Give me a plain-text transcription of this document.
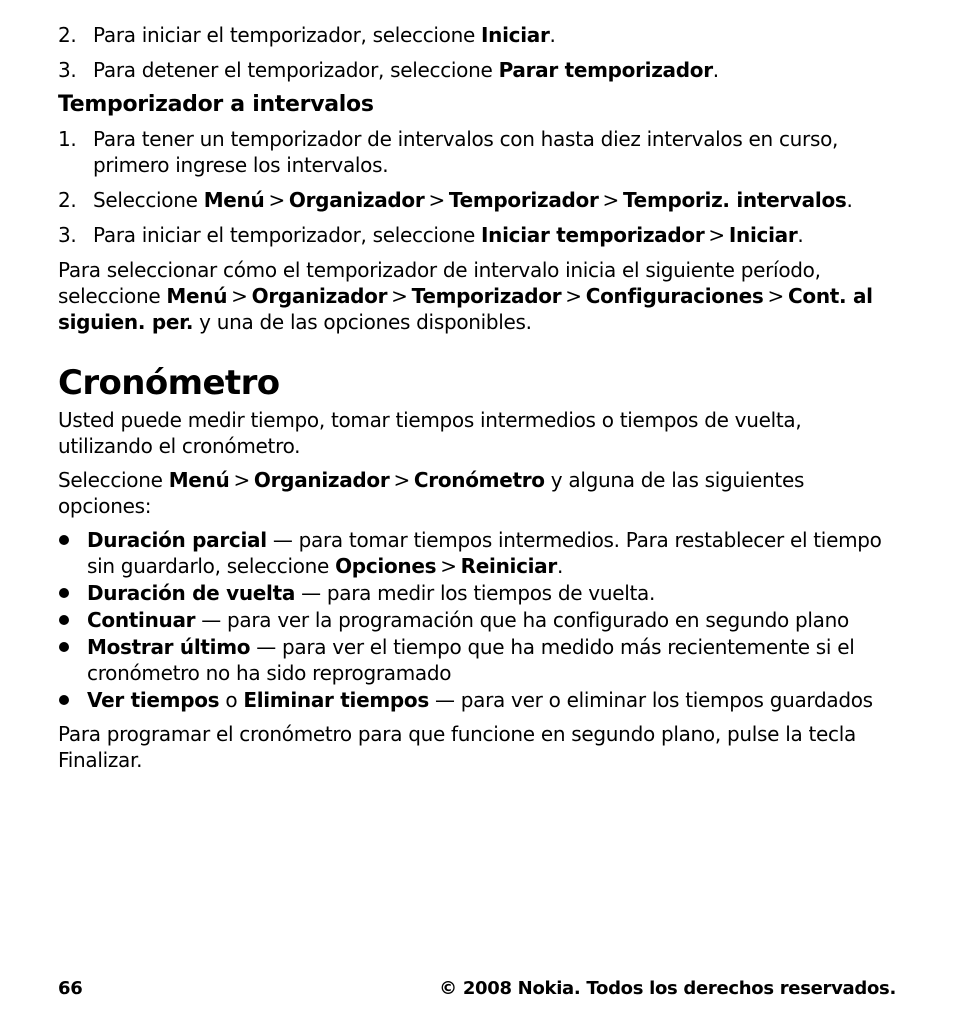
2. Para iniciar el temporizador, seleccione Iniciar.
3. Para detener el temporizador, seleccione Parar temporizador.
Temporizador a intervalos
1. Para tener un temporizador de intervalos con hasta diez intervalos en curso, primero ingrese los intervalos.
2. Seleccione Menú > Organizador > Temporizador > Temporiz. intervalos.
3. Para iniciar el temporizador, seleccione Iniciar temporizador > Iniciar.

Para seleccionar cómo el temporizador de intervalo inicia el siguiente período, seleccione Menú > Organizador > Temporizador > Configuraciones > Cont. al siguien. per. y una de las opciones disponibles.

Cronómetro

Usted puede medir tiempo, tomar tiempos intermedios o tiempos de vuelta, utilizando el cronómetro.

Seleccione Menú > Organizador > Cronómetro y alguna de las siguientes opciones:

Duración parcial — para tomar tiempos intermedios. Para restablecer el tiempo sin guardarlo, seleccione Opciones > Reiniciar.
Duración de vuelta — para medir los tiempos de vuelta.
Continuar — para ver la programación que ha configurado en segundo plano
Mostrar último — para ver el tiempo que ha medido más recientemente si el cronómetro no ha sido reprogramado
Ver tiempos o Eliminar tiempos — para ver o eliminar los tiempos guardados

Para programar el cronómetro para que funcione en segundo plano, pulse la tecla Finalizar.

66	© 2008 Nokia. Todos los derechos reservados.
